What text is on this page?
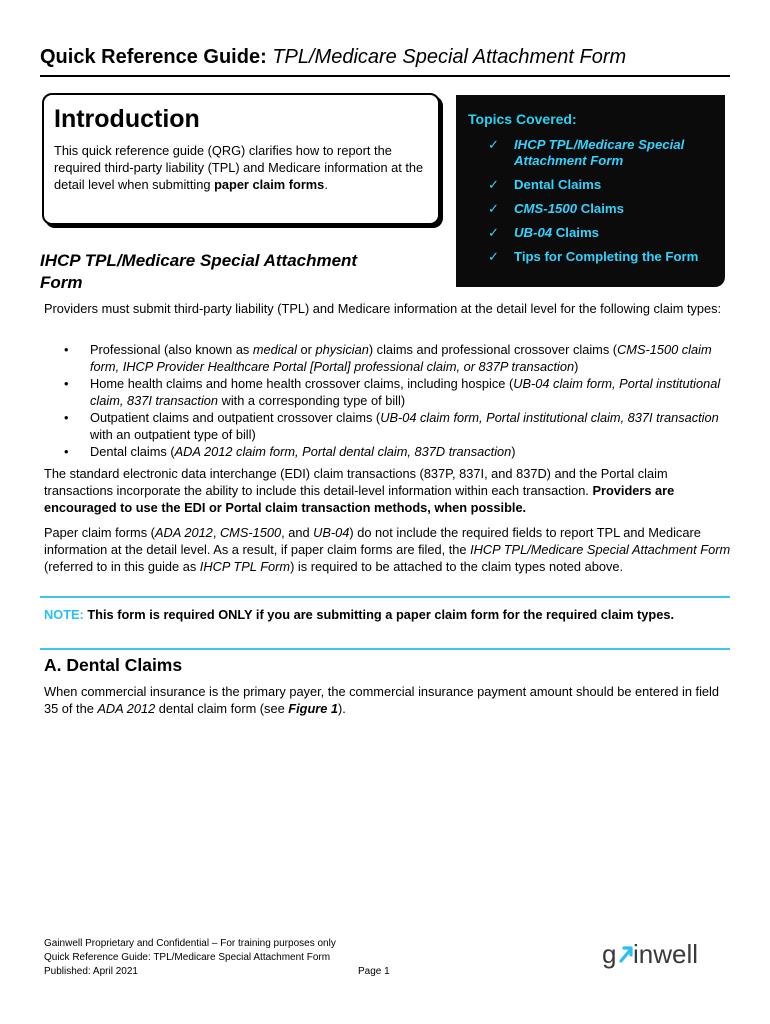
Quick Reference Guide: TPL/Medicare Special Attachment Form
Introduction

This quick reference guide (QRG) clarifies how to report the required third-party liability (TPL) and Medicare information at the detail level when submitting paper claim forms.

Topics Covered:
✓ IHCP TPL/Medicare Special Attachment Form
✓ Dental Claims
✓ CMS-1500 Claims
✓ UB-04 Claims
✓ Tips for Completing the Form
IHCP TPL/Medicare Special Attachment Form

Providers must submit third-party liability (TPL) and Medicare information at the detail level for the following claim types:

• Professional (also known as medical or physician) claims and professional crossover claims (CMS-1500 claim form, IHCP Provider Healthcare Portal [Portal] professional claim, or 837P transaction)
• Home health claims and home health crossover claims, including hospice (UB-04 claim form, Portal institutional claim, 837I transaction with a corresponding type of bill)
• Outpatient claims and outpatient crossover claims (UB-04 claim form, Portal institutional claim, 837I transaction with an outpatient type of bill)
• Dental claims (ADA 2012 claim form, Portal dental claim, 837D transaction)

The standard electronic data interchange (EDI) claim transactions (837P, 837I, and 837D) and the Portal claim transactions incorporate the ability to include this detail-level information within each transaction. Providers are encouraged to use the EDI or Portal claim transaction methods, when possible.

Paper claim forms (ADA 2012, CMS-1500, and UB-04) do not include the required fields to report TPL and Medicare information at the detail level. As a result, if paper claim forms are filed, the IHCP TPL/Medicare Special Attachment Form (referred to in this guide as IHCP TPL Form) is required to be attached to the claim types noted above.

NOTE: This form is required ONLY if you are submitting a paper claim form for the required claim types.
A. Dental Claims

When commercial insurance is the primary payer, the commercial insurance payment amount should be entered in field 35 of the ADA 2012 dental claim form (see Figure 1).

Gainwell Proprietary and Confidential – For training purposes only
Quick Reference Guide: TPL/Medicare Special Attachment Form
Published: April 2021	Page 1
g inwell
